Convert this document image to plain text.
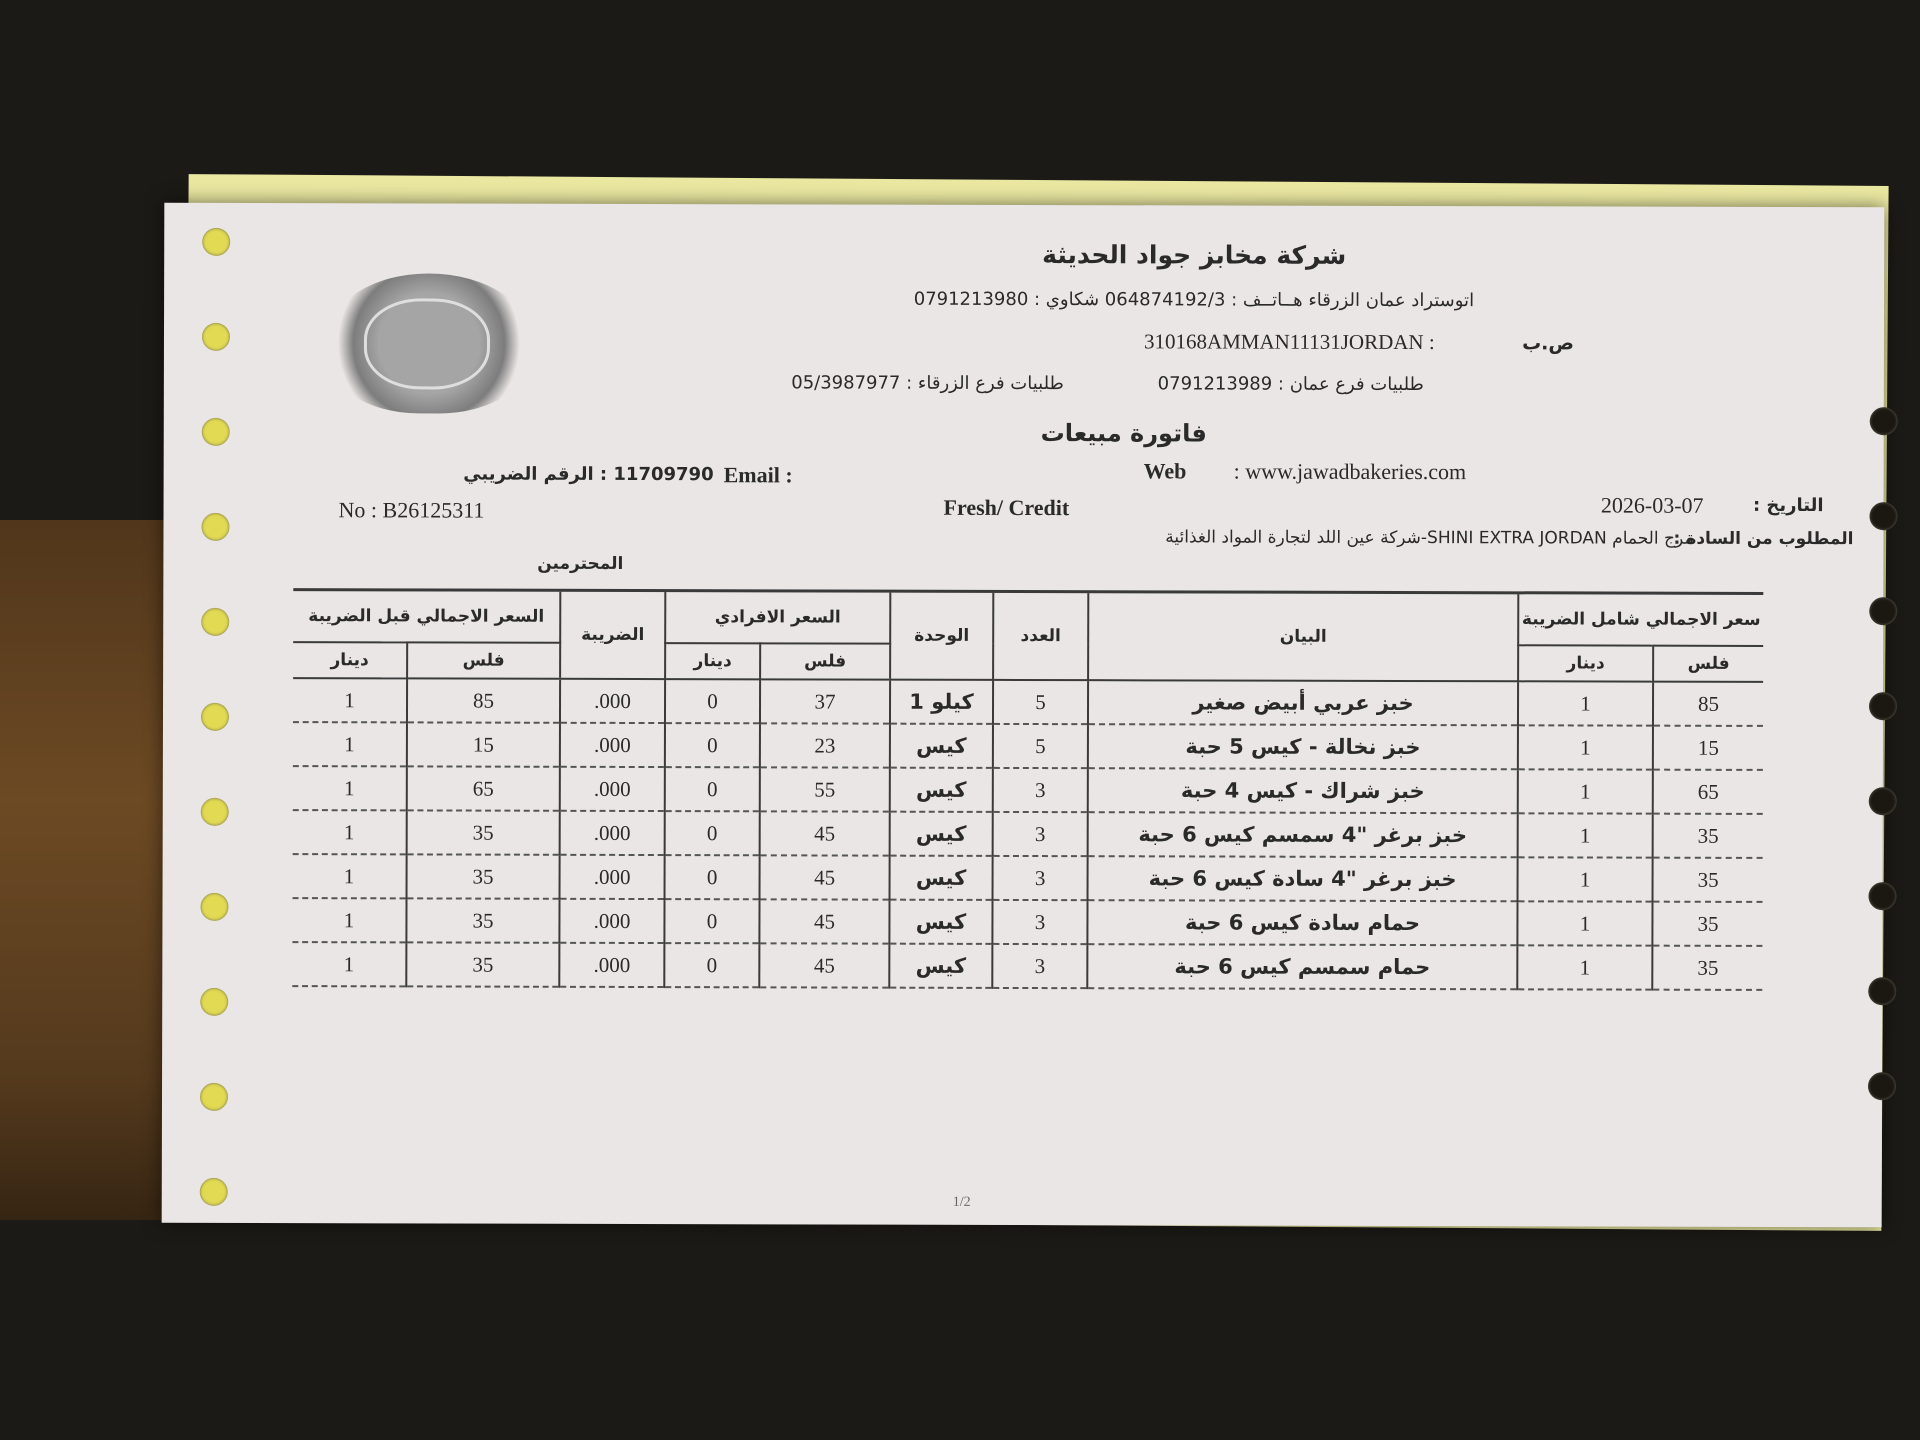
شركة مخابز جواد الحديثة
اتوستراد عمان الزرقاء هــاتــف : 064874192/3 شكاوي : 0791213980
ص.ب
310168AMMAN11131JORDAN :
طلبيات فرع عمان : 0791213989
طلبيات فرع الزرقاء : 05/3987977
فاتورة مبيعات
11709790 : الرقم الضريبي Email :	Web	: www.jawadbakeries.com
No : B26125311	Fresh/ Credit	2026-03-07	التاريخ :
مرج الحمام SHINI EXTRA JORDAN-شركة عين اللد لتجارة المواد الغذائية
المطلوب من السادة :
المحترمين
السعر الاجمالي قبل الضريبة		الضريبة	السعر الافرادي		الوحدة	العدد	البيان	سعر الاجمالي شامل الضريبة	
دينار	فلس		دينار	فلس				دينار	فلس
1	85	.000	0	37	كيلو 1	5	خبز عربي أبيض صغير	1	85
1	15	.000	0	23	كيس	5	خبز نخالة - كيس 5 حبة	1	15
1	65	.000	0	55	كيس	3	خبز شراك - كيس 4 حبة	1	65
1	35	.000	0	45	كيس	3	خبز برغر "4 سمسم كيس 6 حبة	1	35
1	35	.000	0	45	كيس	3	خبز برغر "4 سادة كيس 6 حبة	1	35
1	35	.000	0	45	كيس	3	حمام سادة كيس 6 حبة	1	35
1	35	.000	0	45	كيس	3	حمام سمسم كيس 6 حبة	1	35
1/2
